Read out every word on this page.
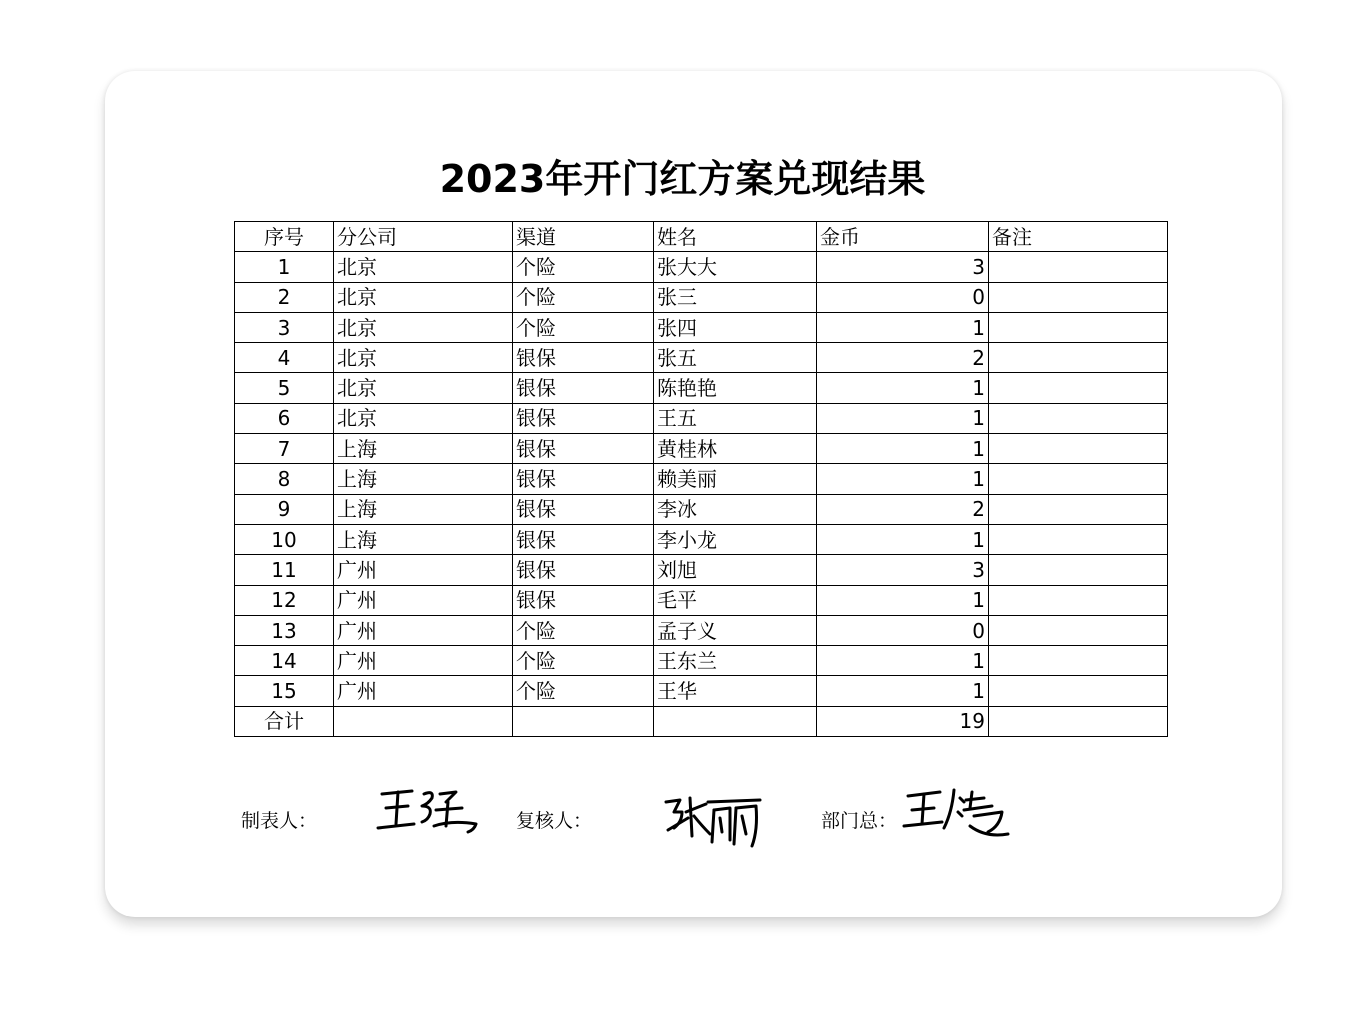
2023年开门红方案兑现结果
序号	分公司	渠道	姓名	金币	备注
1	北京	个险	张大大	3	
2	北京	个险	张三	0	
3	北京	个险	张四	1	
4	北京	银保	张五	2	
5	北京	银保	陈艳艳	1	
6	北京	银保	王五	1	
7	上海	银保	黄桂林	1	
8	上海	银保	赖美丽	1	
9	上海	银保	李冰	2	
10	上海	银保	李小龙	1	
11	广州	银保	刘旭	3	
12	广州	银保	毛平	1	
13	广州	个险	孟子义	0	
14	广州	个险	王东兰	1	
15	广州	个险	王华	1	
合计				19	
制表人：	复核人：	部门总：
